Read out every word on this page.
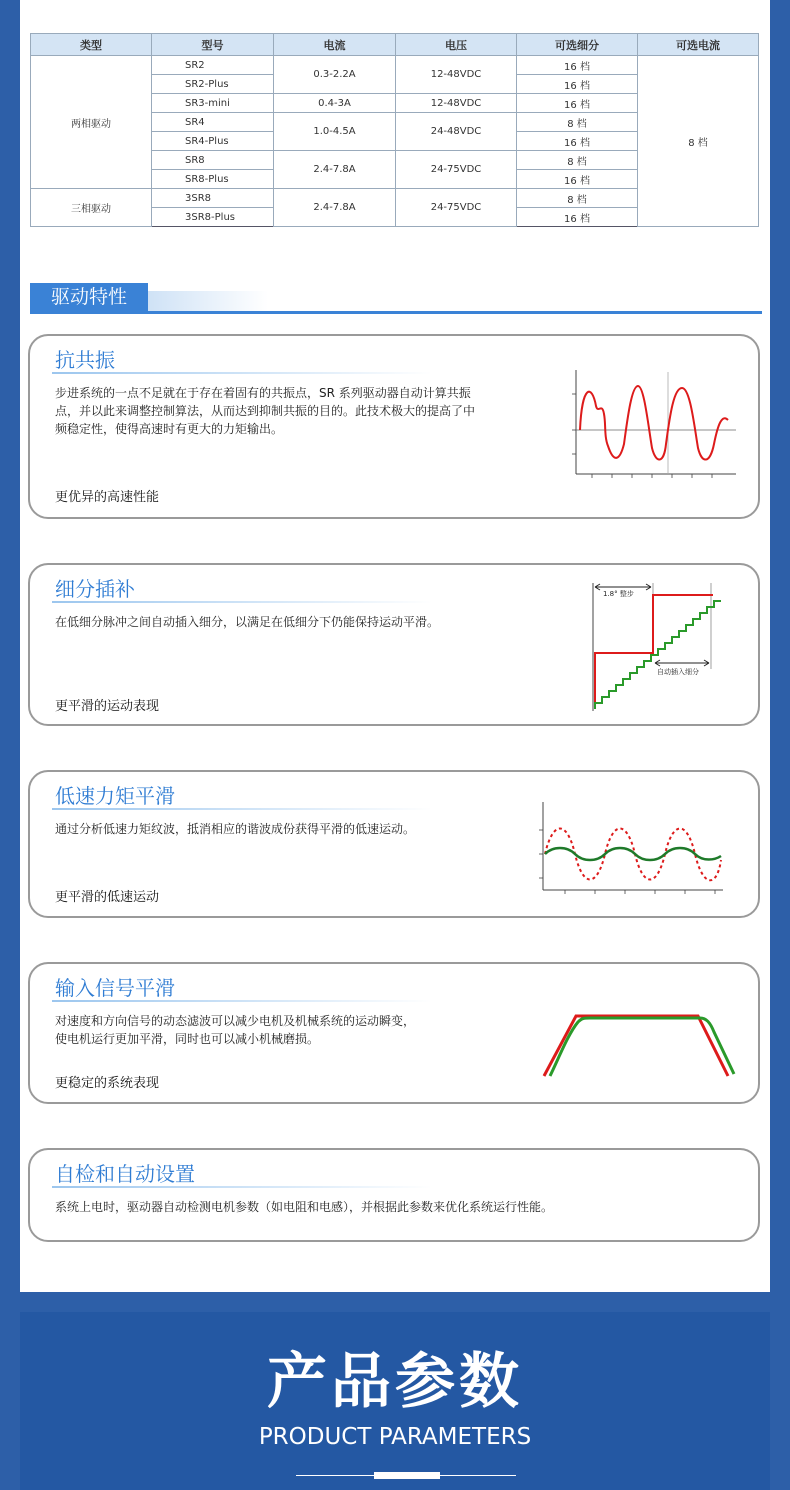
类型	型号	电流	电压	可选细分	可选电流
两相驱动	SR2	0.3-2.2A	12-48VDC	16 档	8 档
	SR2-Plus			16 档	
	SR3-mini	0.4-3A	12-48VDC	16 档	
	SR4	1.0-4.5A	24-48VDC	8 档	
	SR4-Plus			16 档	
	SR8	2.4-7.8A	24-75VDC	8 档	
	SR8-Plus			16 档	
三相驱动	3SR8	2.4-7.8A	24-75VDC	8 档	
	3SR8-Plus			16 档	
驱动特性
抗共振
步进系统的一点不足就在于存在着固有的共振点，SR 系列驱动器自动计算共振
点，并以此来调整控制算法，从而达到抑制共振的目的。此技术极大的提高了中
频稳定性，使得高速时有更大的力矩输出。
更优异的高速性能
细分插补
在低细分脉冲之间自动插入细分，以满足在低细分下仍能保持运动平滑。
更平滑的运动表现
1.8° 整步
自动插入细分
低速力矩平滑
通过分析低速力矩纹波，抵消相应的谐波成份获得平滑的低速运动。
更平滑的低速运动
输入信号平滑
对速度和方向信号的动态滤波可以减少电机及机械系统的运动瞬变，
使电机运行更加平滑，同时也可以减小机械磨损。
更稳定的系统表现
自检和自动设置
系统上电时，驱动器自动检测电机参数（如电阻和电感），并根据此参数来优化系统运行性能。
产品参数
PRODUCT PARAMETERS
